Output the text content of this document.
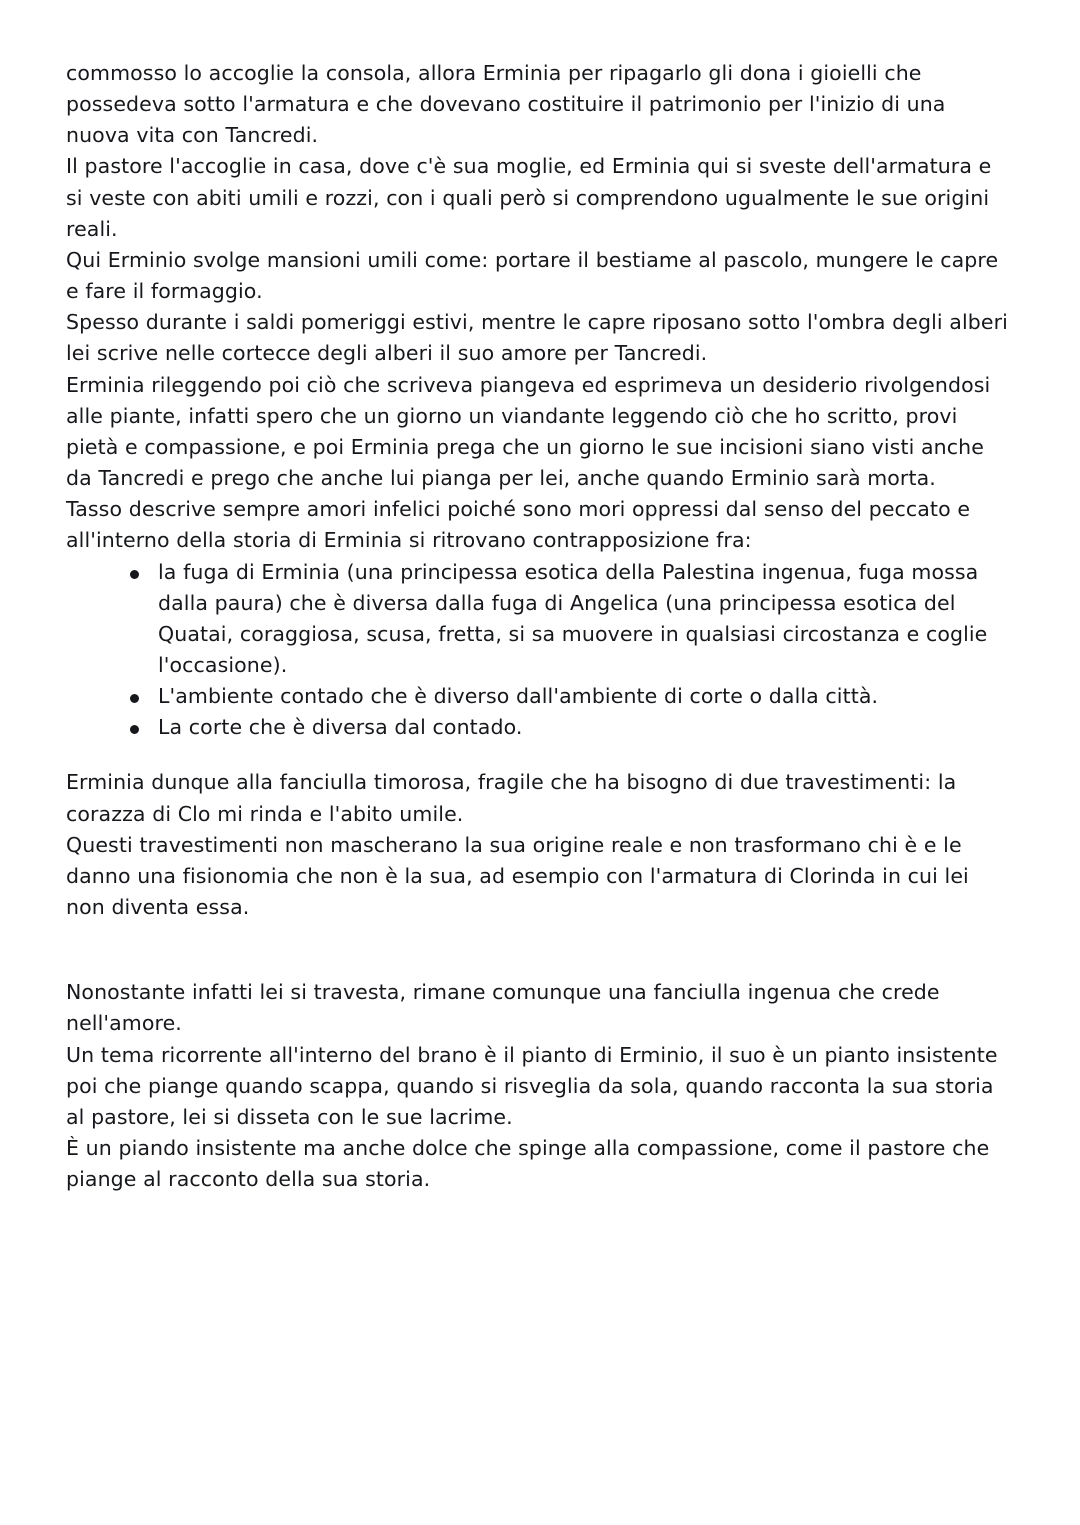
commosso lo accoglie la consola, allora Erminia per ripagarlo gli dona i gioielli che possedeva sotto l'armatura e che dovevano costituire il patrimonio per l'inizio di una nuova vita con Tancredi.

Il pastore l'accoglie in casa, dove c'è sua moglie, ed Erminia qui si sveste dell'armatura e si veste con abiti umili e rozzi, con i quali però si comprendono ugualmente le sue origini reali.

Qui Erminio svolge mansioni umili come: portare il bestiame al pascolo, mungere le capre e fare il formaggio.

Spesso durante i saldi pomeriggi estivi, mentre le capre riposano sotto l'ombra degli alberi lei scrive nelle cortecce degli alberi il suo amore per Tancredi.

Erminia rileggendo poi ciò che scriveva piangeva ed esprimeva un desiderio rivolgendosi alle piante, infatti spero che un giorno un viandante leggendo ciò che ho scritto, provi pietà e compassione, e poi Erminia prega che un giorno le sue incisioni siano visti anche da Tancredi e prego che anche lui pianga per lei, anche quando Erminio sarà morta.

Tasso descrive sempre amori infelici poiché sono mori oppressi dal senso del peccato e all'interno della storia di Erminia si ritrovano contrapposizione fra:

la fuga di Erminia (una principessa esotica della Palestina ingenua, fuga mossa dalla paura) che è diversa dalla fuga di Angelica (una principessa esotica del Quatai, coraggiosa, scusa, fretta, si sa muovere in qualsiasi circostanza e coglie l'occasione).
L'ambiente contado che è diverso dall'ambiente di corte o dalla città.
La corte che è diversa dal contado.

Erminia dunque alla fanciulla timorosa, fragile che ha bisogno di due travestimenti: la corazza di Clo mi rinda e l'abito umile.

Questi travestimenti non mascherano la sua origine reale e non trasformano chi è e le danno una fisionomia che non è la sua, ad esempio con l'armatura di Clorinda in cui lei non diventa essa.

Nonostante infatti lei si travesta, rimane comunque una fanciulla ingenua che crede nell'amore.

Un tema ricorrente all'interno del brano è il pianto di Erminio, il suo è un pianto insistente poi che piange quando scappa, quando si risveglia da sola, quando racconta la sua storia al pastore, lei si disseta con le sue lacrime.

È un piando insistente ma anche dolce che spinge alla compassione, come il pastore che piange al racconto della sua storia.
